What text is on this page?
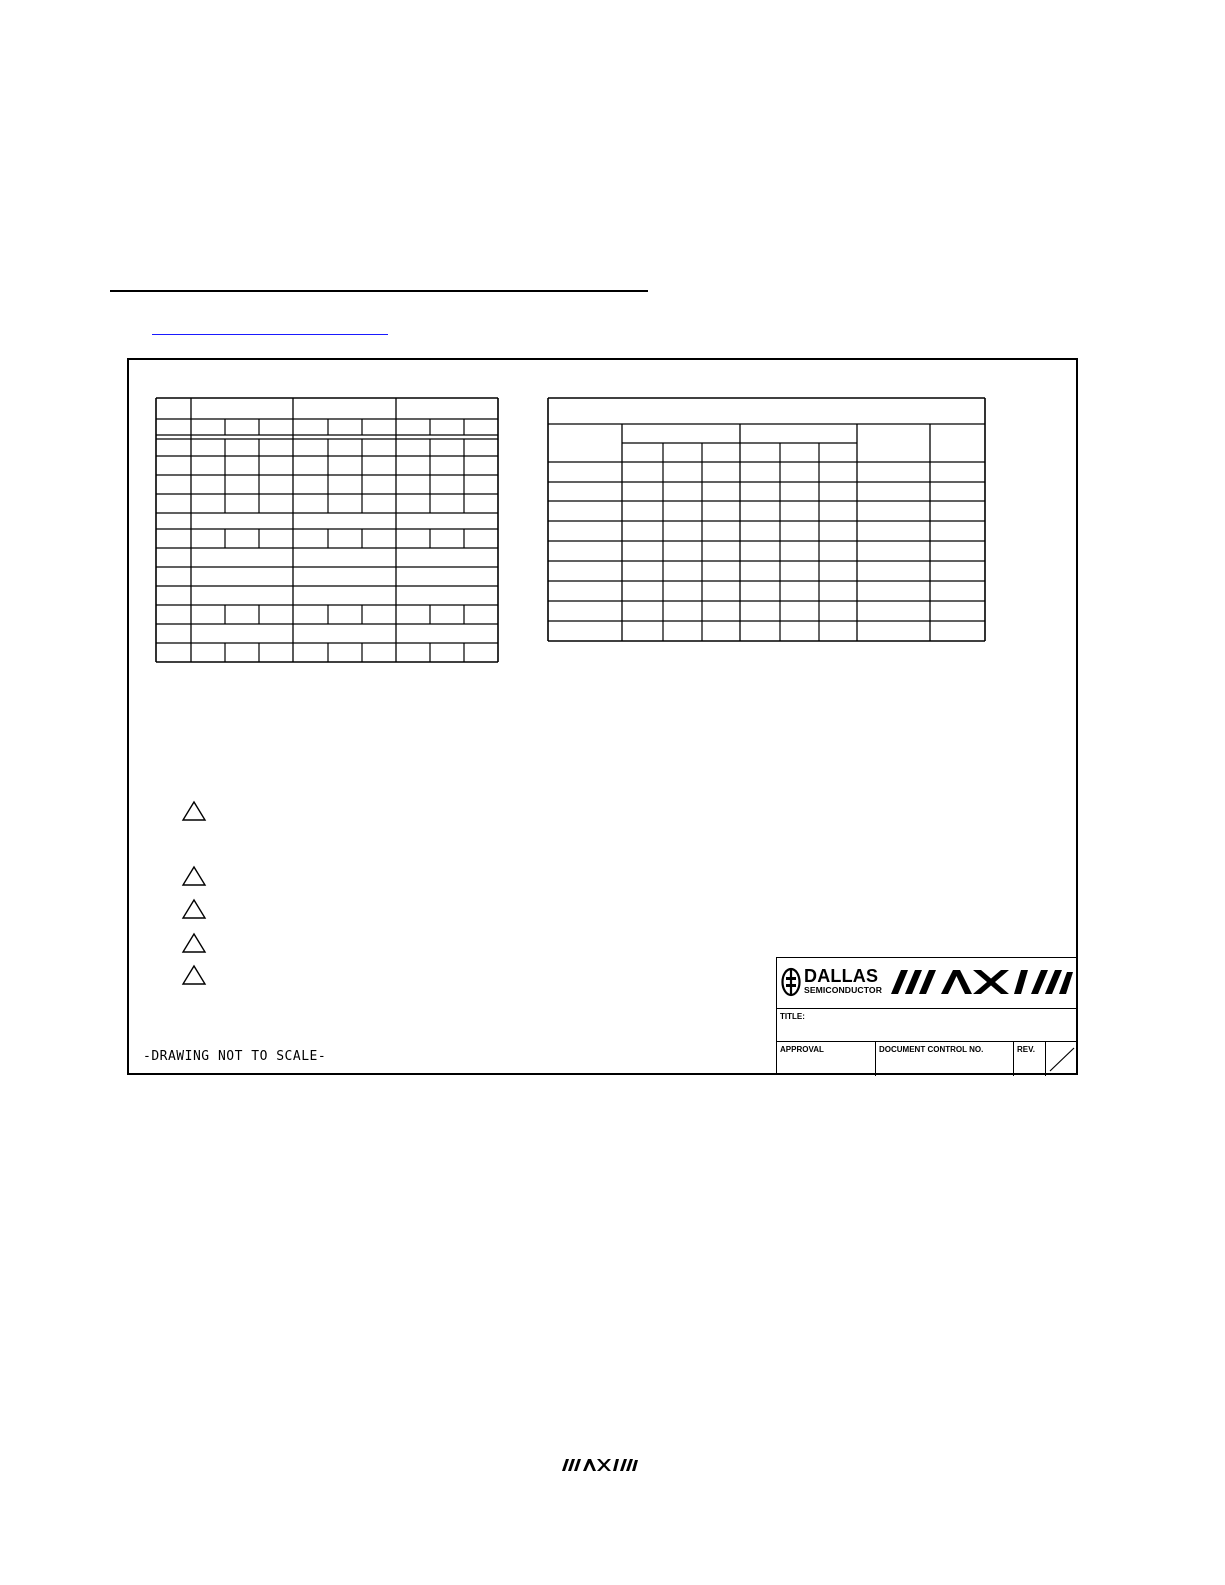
-DRAWING NOT TO SCALE-
DALLAS
SEMICONDUCTOR
TITLE:
APPROVAL	DOCUMENT CONTROL NO.	REV.
